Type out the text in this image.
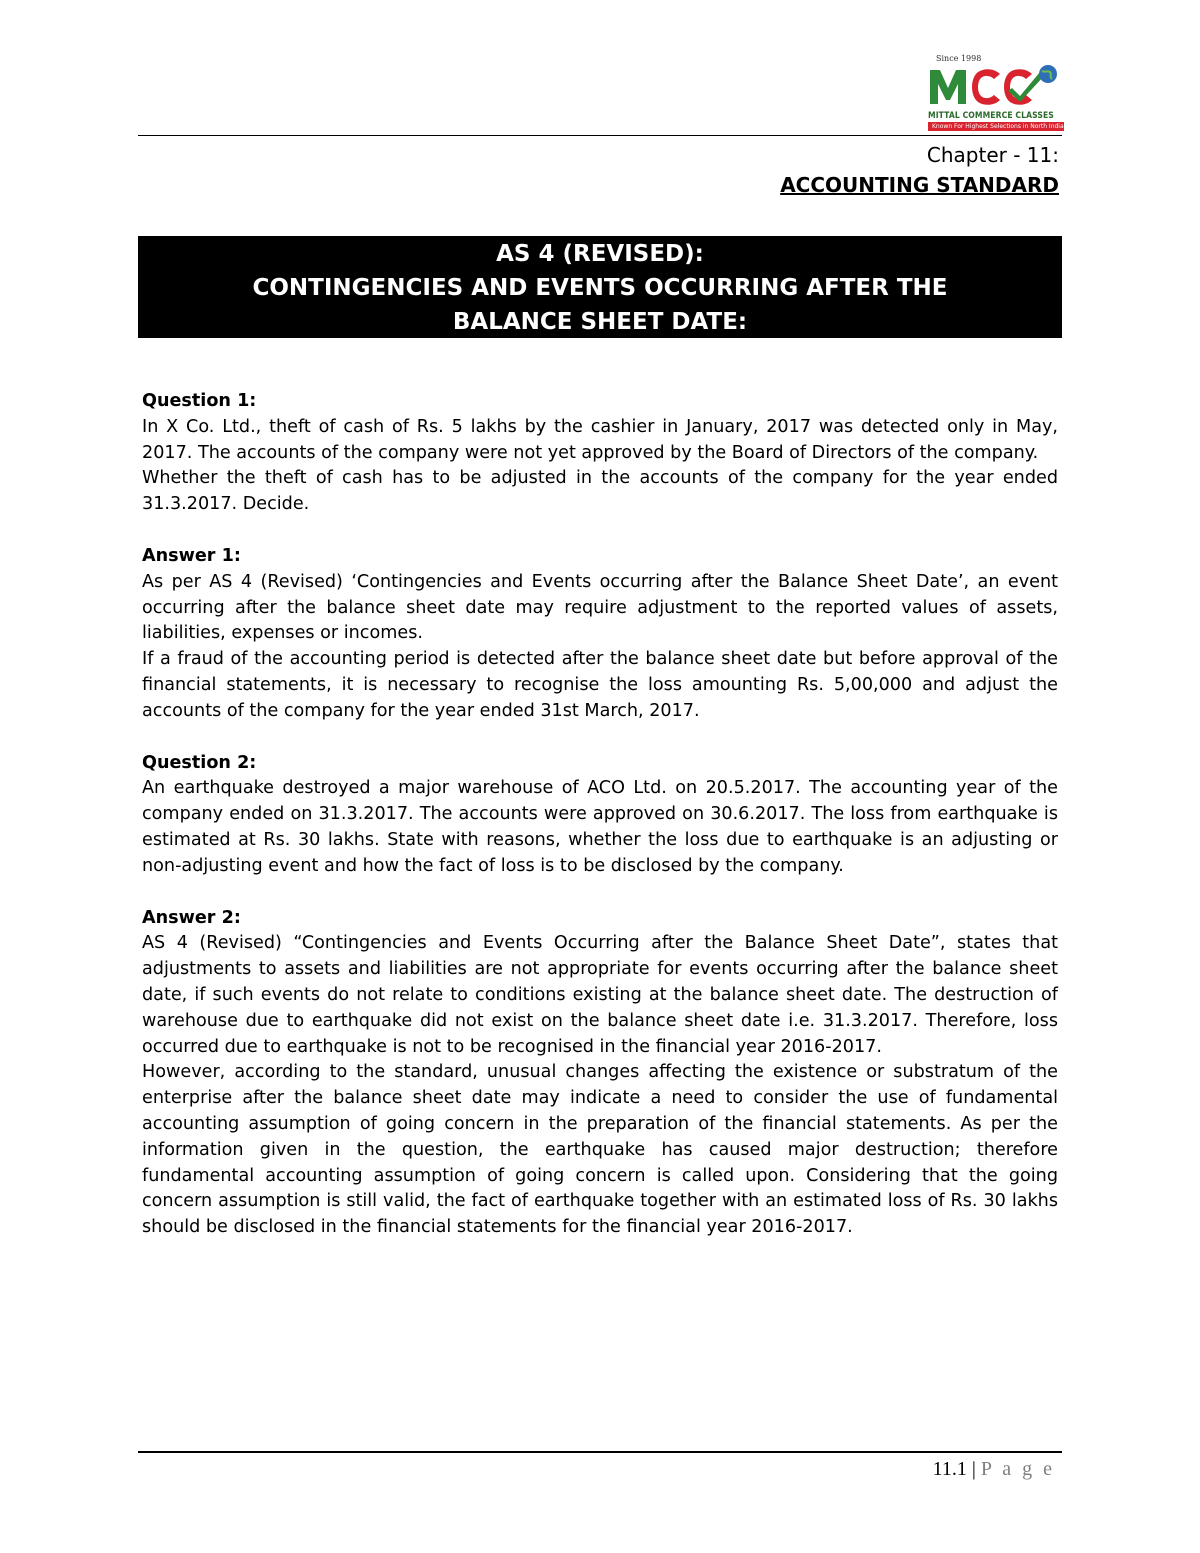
Since 1998
MITTAL COMMERCE CLASSES
Known For Highest Selections in North India
Chapter - 11:
ACCOUNTING STANDARD
AS 4 (REVISED):
CONTINGENCIES AND EVENTS OCCURRING AFTER THE
BALANCE SHEET DATE:

Question 1:

In X Co. Ltd., theft of cash of Rs. 5 lakhs by the cashier in January, 2017 was detected only in May, 2017. The accounts of the company were not yet approved by the Board of Directors of the company.

Whether the theft of cash has to be adjusted in the accounts of the company for the year ended 31.3.2017. Decide.

Answer 1:

As per AS 4 (Revised) ‘Contingencies and Events occurring after the Balance Sheet Date’, an event occurring after the balance sheet date may require adjustment to the reported values of assets, liabilities, expenses or incomes.

If a fraud of the accounting period is detected after the balance sheet date but before approval of the financial statements, it is necessary to recognise the loss amounting Rs. 5,00,000 and adjust the accounts of the company for the year ended 31st March, 2017.

Question 2:

An earthquake destroyed a major warehouse of ACO Ltd. on 20.5.2017. The accounting year of the company ended on 31.3.2017. The accounts were approved on 30.6.2017. The loss from earthquake is estimated at Rs. 30 lakhs. State with reasons, whether the loss due to earthquake is an adjusting or non-adjusting event and how the fact of loss is to be disclosed by the company.

Answer 2:

AS 4 (Revised) “Contingencies and Events Occurring after the Balance Sheet Date”, states that adjustments to assets and liabilities are not appropriate for events occurring after the balance sheet date, if such events do not relate to conditions existing at the balance sheet date. The destruction of warehouse due to earthquake did not exist on the balance sheet date i.e. 31.3.2017. Therefore, loss occurred due to earthquake is not to be recognised in the financial year 2016-2017.

However, according to the standard, unusual changes affecting the existence or substratum of the enterprise after the balance sheet date may indicate a need to consider the use of fundamental accounting assumption of going concern in the preparation of the financial statements. As per the information given in the question, the earthquake has caused major destruction; therefore fundamental accounting assumption of going concern is called upon. Considering that the going concern assumption is still valid, the fact of earthquake together with an estimated loss of Rs. 30 lakhs should be disclosed in the financial statements for the financial year 2016-2017.

11.1 | P a g e
